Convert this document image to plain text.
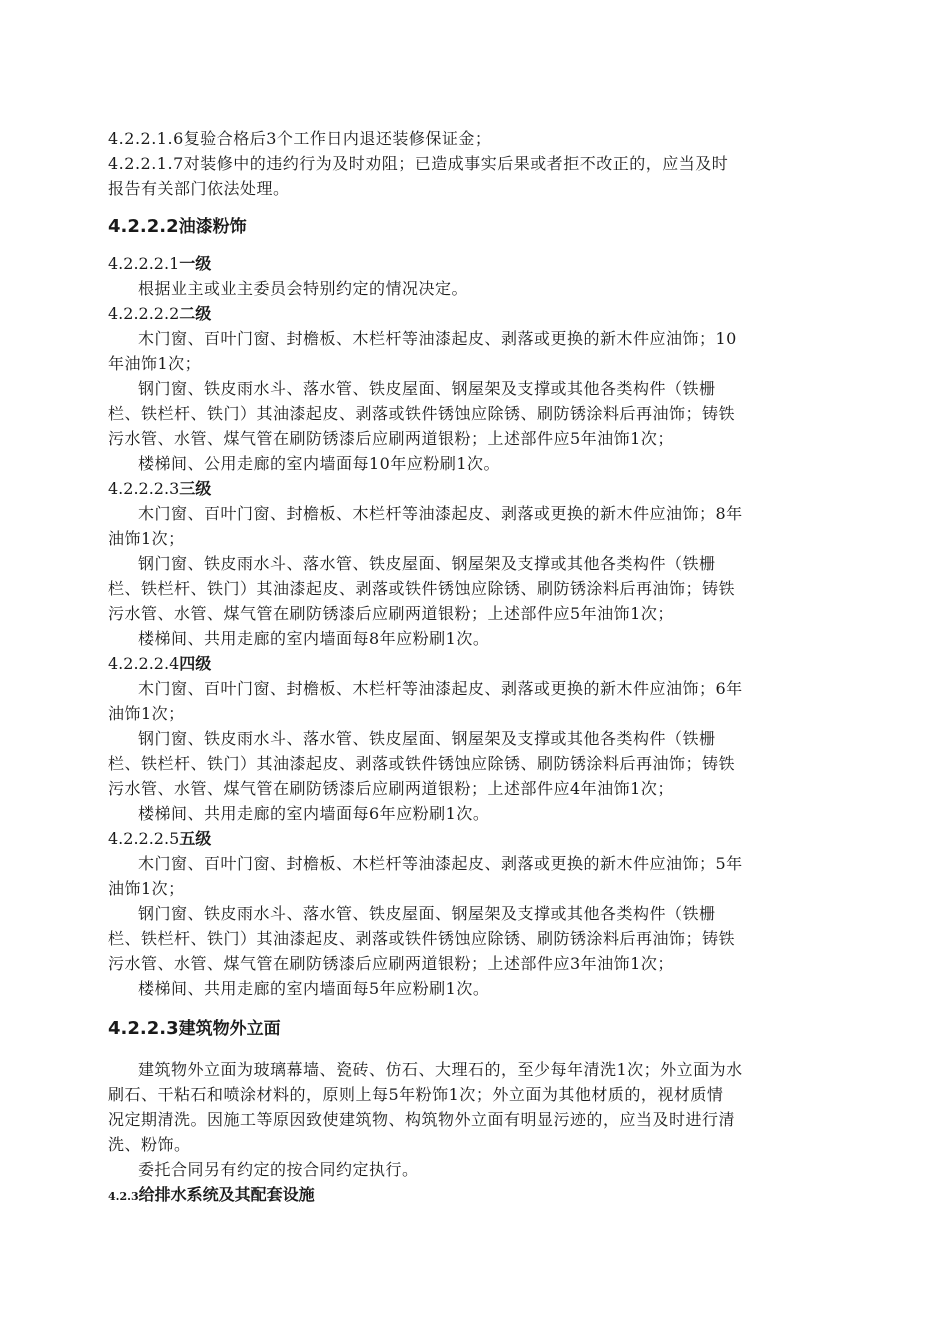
4.2.2.1.6复验合格后3个工作日内退还装修保证金；
4.2.2.1.7对装修中的违约行为及时劝阻；已造成事实后果或者拒不改正的，应当及时
报告有关部门依法处理。
4.2.2.2油漆粉饰
4.2.2.2.1一级
根据业主或业主委员会特别约定的情况决定。
4.2.2.2.2二级
木门窗、百叶门窗、封檐板、木栏杆等油漆起皮、剥落或更换的新木件应油饰；10
年油饰1次；
钢门窗、铁皮雨水斗、落水管、铁皮屋面、钢屋架及支撑或其他各类构件（铁栅
栏、铁栏杆、铁门）其油漆起皮、剥落或铁件锈蚀应除锈、刷防锈涂料后再油饰；铸铁
污水管、水管、煤气管在刷防锈漆后应刷两道银粉；上述部件应5年油饰1次；
楼梯间、公用走廊的室内墙面每10年应粉刷1次。
4.2.2.2.3三级
木门窗、百叶门窗、封檐板、木栏杆等油漆起皮、剥落或更换的新木件应油饰；8年
油饰1次；
钢门窗、铁皮雨水斗、落水管、铁皮屋面、钢屋架及支撑或其他各类构件（铁栅
栏、铁栏杆、铁门）其油漆起皮、剥落或铁件锈蚀应除锈、刷防锈涂料后再油饰；铸铁
污水管、水管、煤气管在刷防锈漆后应刷两道银粉；上述部件应5年油饰1次；
楼梯间、共用走廊的室内墙面每8年应粉刷1次。
4.2.2.2.4四级
木门窗、百叶门窗、封檐板、木栏杆等油漆起皮、剥落或更换的新木件应油饰；6年
油饰1次；
钢门窗、铁皮雨水斗、落水管、铁皮屋面、钢屋架及支撑或其他各类构件（铁栅
栏、铁栏杆、铁门）其油漆起皮、剥落或铁件锈蚀应除锈、刷防锈涂料后再油饰；铸铁
污水管、水管、煤气管在刷防锈漆后应刷两道银粉；上述部件应4年油饰1次；
楼梯间、共用走廊的室内墙面每6年应粉刷1次。
4.2.2.2.5五级
木门窗、百叶门窗、封檐板、木栏杆等油漆起皮、剥落或更换的新木件应油饰；5年
油饰1次；
钢门窗、铁皮雨水斗、落水管、铁皮屋面、钢屋架及支撑或其他各类构件（铁栅
栏、铁栏杆、铁门）其油漆起皮、剥落或铁件锈蚀应除锈、刷防锈涂料后再油饰；铸铁
污水管、水管、煤气管在刷防锈漆后应刷两道银粉；上述部件应3年油饰1次；
楼梯间、共用走廊的室内墙面每5年应粉刷1次。
4.2.2.3建筑物外立面
建筑物外立面为玻璃幕墙、瓷砖、仿石、大理石的，至少每年清洗1次；外立面为水
刷石、干粘石和喷涂材料的，原则上每5年粉饰1次；外立面为其他材质的，视材质情
况定期清洗。因施工等原因致使建筑物、构筑物外立面有明显污迹的，应当及时进行清
洗、粉饰。
委托合同另有约定的按合同约定执行。
4.2.3给排水系统及其配套设施
